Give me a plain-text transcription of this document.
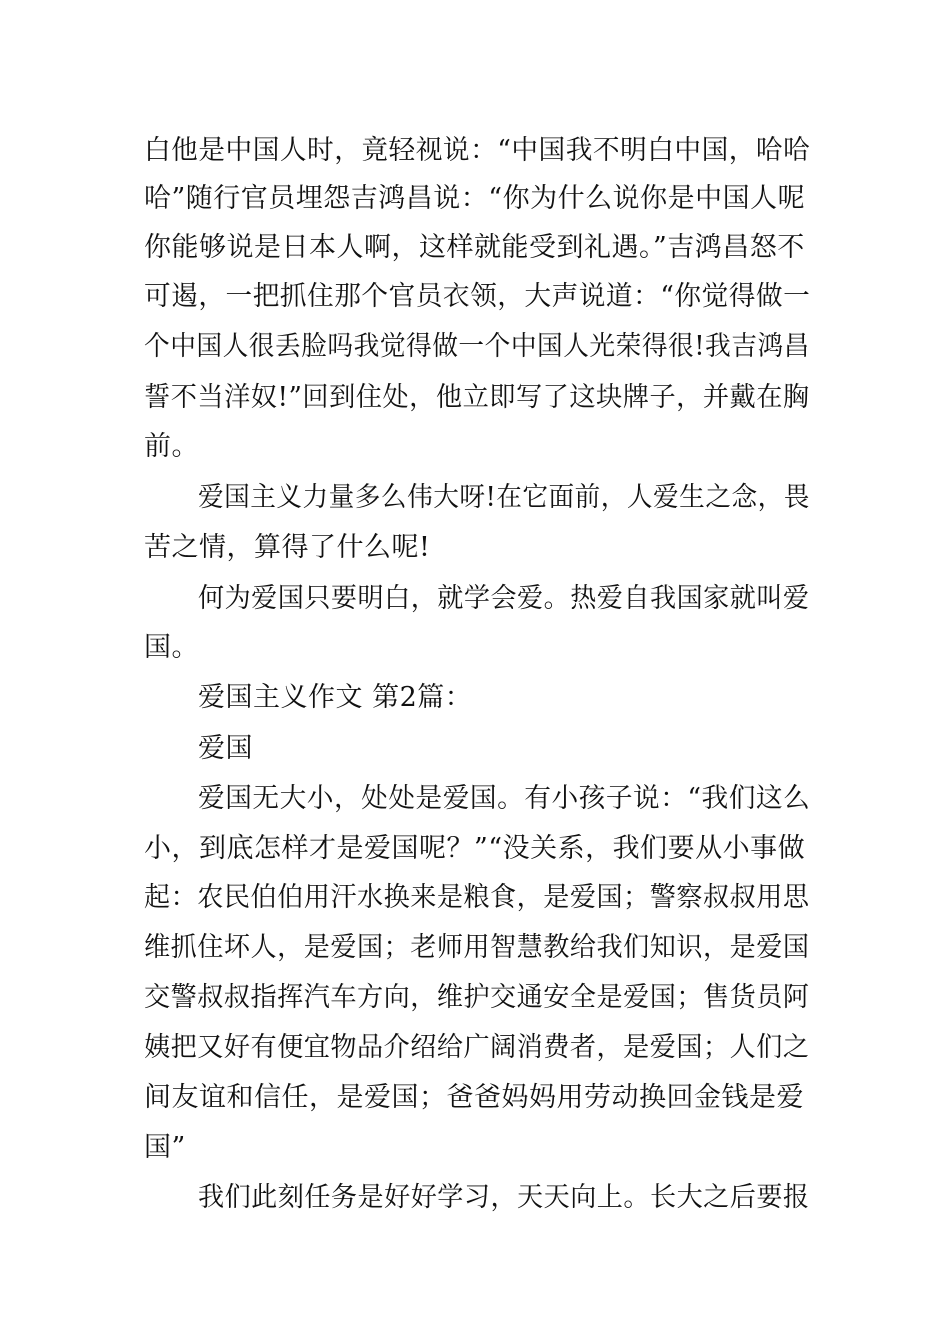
白他是中国人时，竟轻视说：“中国我不明白中国，哈哈
哈”随行官员埋怨吉鸿昌说：“你为什么说你是中国人呢
你能够说是日本人啊，这样就能受到礼遇。”吉鸿昌怒不
可遏，一把抓住那个官员衣领，大声说道：“你觉得做一
个中国人很丢脸吗我觉得做一个中国人光荣得很!我吉鸿昌
誓不当洋奴!”回到住处，他立即写了这块牌子，并戴在胸
前。
爱国主义力量多么伟大呀!在它面前，人爱生之念，畏
苦之情，算得了什么呢!
何为爱国只要明白，就学会爱。热爱自我国家就叫爱
国。
爱国主义作文 第2篇：
爱国
爱国无大小，处处是爱国。有小孩子说：“我们这么
小，到底怎样才是爱国呢？”“没关系，我们要从小事做
起：农民伯伯用汗水换来是粮食，是爱国；警察叔叔用思
维抓住坏人，是爱国；老师用智慧教给我们知识，是爱国
交警叔叔指挥汽车方向，维护交通安全是爱国；售货员阿
姨把又好有便宜物品介绍给广阔消费者，是爱国；人们之
间友谊和信任，是爱国；爸爸妈妈用劳动换回金钱是爱
国”
我们此刻任务是好好学习，天天向上。长大之后要报
